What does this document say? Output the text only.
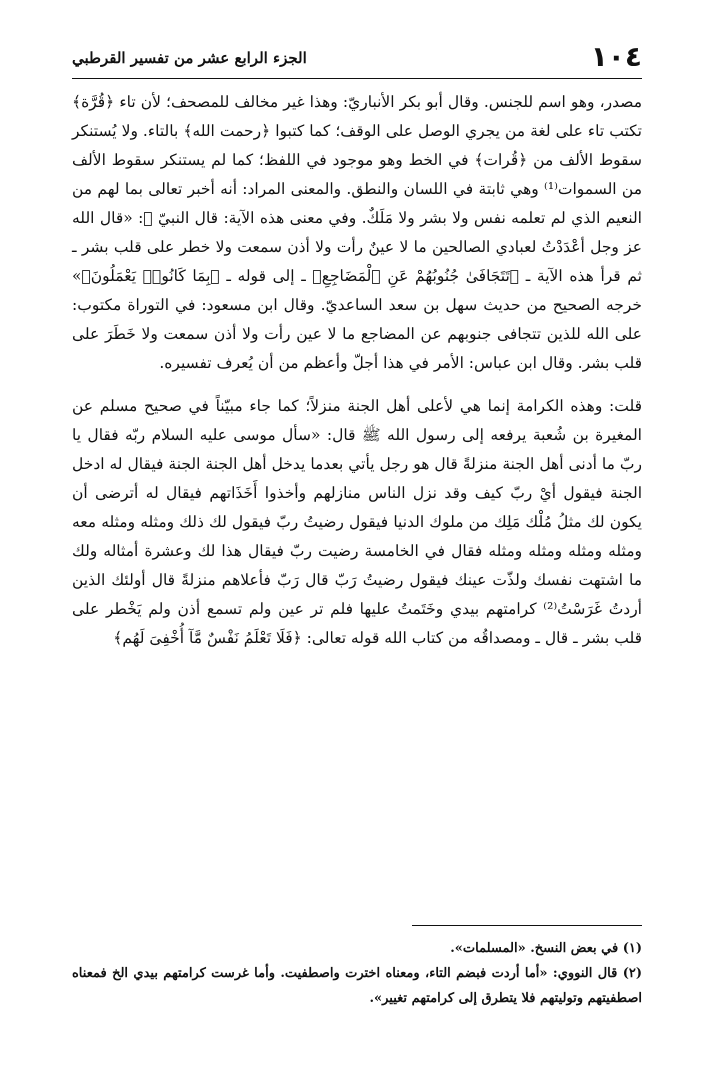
١٠٤
الجزء الرابع عشر من تفسير القرطبي

مصدر، وهو اسم للجنس. وقال أبو بكر الأنباريّ: وهذا غير مخالف للمصحف؛ لأن تاء ﴿قُرَّة﴾ تكتب تاء على لغة من يجري الوصل على الوقف؛ كما كتبوا ﴿رحمت الله﴾ بالتاء. ولا يُستنكر سقوط الألف من ﴿قُرات﴾ في الخط وهو موجود في اللفظ؛ كما لم يستنكر سقوط الألف من السموات⁽¹⁾ وهي ثابتة في اللسان والنطق. والمعنى المراد: أنه أخبر تعالى بما لهم من النعيم الذي لم تعلمه نفس ولا بشر ولا مَلَكٌ. وفي معنى هذه الآية: قال النبيّ ﷺ: «قال الله عز وجل أعْدَدْتُ لعبادي الصالحين ما لا عينٌ رأت ولا أذن سمعت ولا خطر على قلب بشر ـ ثم قرأ هذه الآية ـ ﴿تَتَجَافَىٰ جُنُوبُهُمْ عَنِ ٱلْمَضَاجِعِ﴾ ـ إلى قوله ـ ﴿بِمَا كَانُوا۟ يَعْمَلُونَ﴾» خرجه الصحيح من حديث سهل بن سعد الساعديّ. وقال ابن مسعود: في التوراة مكتوب: على الله للذين تتجافى جنوبهم عن المضاجع ما لا عين رأت ولا أذن سمعت ولا خَطَرَ على قلب بشر. وقال ابن عباس: الأمر في هذا أجلّ وأعظم من أن يُعرف تفسيره.

قلت: وهذه الكرامة إنما هي لأعلى أهل الجنة منزلاً؛ كما جاء مبيّناً في صحيح مسلم عن المغيرة بن شُعبة يرفعه إلى رسول الله ﷺ قال: «سأل موسى عليه السلام ربّه فقال يا ربّ ما أدنى أهل الجنة منزلةً قال هو رجل يأتي بعدما يدخل أهل الجنة الجنة فيقال له ادخل الجنة فيقول أيْ ربّ كيف وقد نزل الناس منازلهم وأخذوا أَخَذَاتهم فيقال له أترضى أن يكون لك مثلُ مُلْك مَلِك من ملوك الدنيا فيقول رضيتُ ربّ فيقول لك ذلك ومثله ومثله معه ومثله ومثله ومثله ومثله فقال في الخامسة رضيت ربّ فيقال هذا لك وعشرة أمثاله ولك ما اشتهت نفسك ولذّت عينك فيقول رضيتُ رَبّ قال رَبّ فأعلاهم منزلةً قال أولئك الذين أردتُ غَرَسْتُ⁽²⁾ كرامتهم بيدي وخَتَمتُ عليها فلم تر عين ولم تسمع أذن ولم يَخْطر على قلب بشر ـ قال ـ ومصداقُه من كتاب الله قوله تعالى: ﴿فَلَا تَعْلَمُ نَفْسٌ مَّآ أُخْفِىَ لَهُم﴾

(١) في بعض النسخ. «المسلمات».

(٢) قال النووي: «أما أردت فبضم التاء، ومعناه اخترت واصطفيت. وأما غرست كرامتهم بيدي الخ فمعناه اصطفيتهم وتوليتهم فلا يتطرق إلى كرامتهم تغيير».
